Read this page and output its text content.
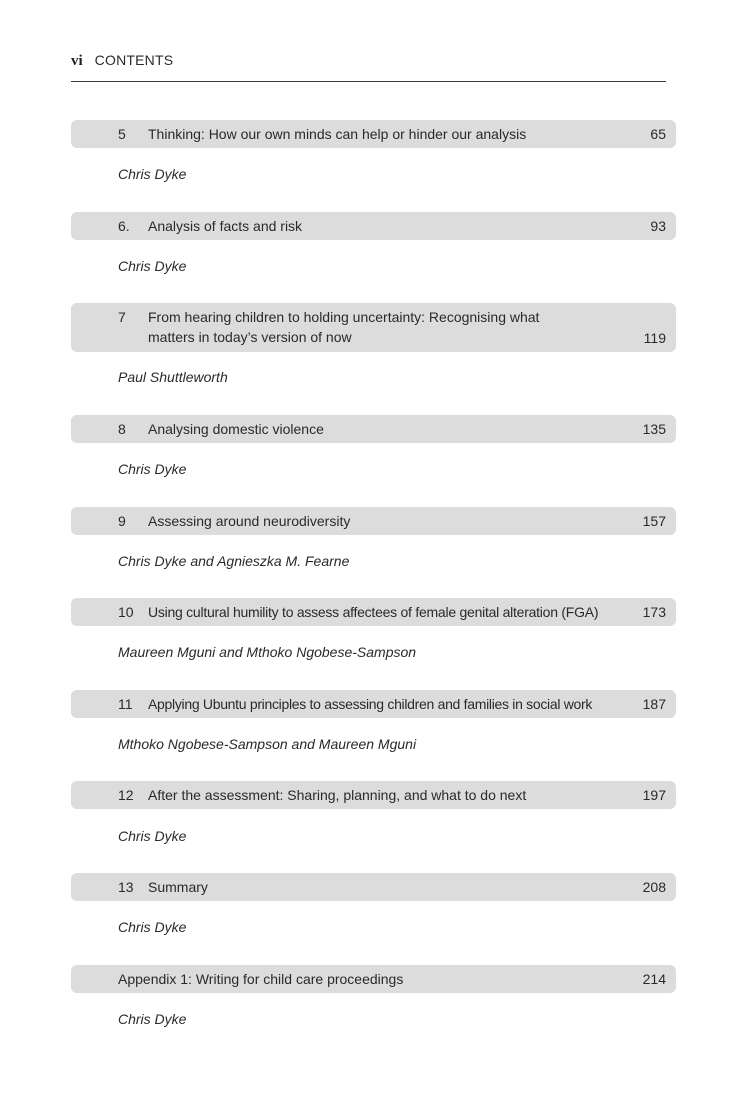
vi CONTENTS
5 Thinking: How our own minds can help or hinder our analysis	65
Chris Dyke
6. Analysis of facts and risk	93
Chris Dyke
7 From hearing children to holding uncertainty: Recognising what matters in today’s version of now	119
Paul Shuttleworth
8 Analysing domestic violence	135
Chris Dyke
9 Assessing around neurodiversity	157
Chris Dyke and Agnieszka M. Fearne
10 Using cultural humility to assess affectees of female genital alteration (FGA)	173
Maureen Mguni and Mthoko Ngobese-Sampson
11 Applying Ubuntu principles to assessing children and families in social work	187
Mthoko Ngobese-Sampson and Maureen Mguni
12 After the assessment: Sharing, planning, and what to do next	197
Chris Dyke
13 Summary	208
Chris Dyke
Appendix 1: Writing for child care proceedings	214
Chris Dyke
